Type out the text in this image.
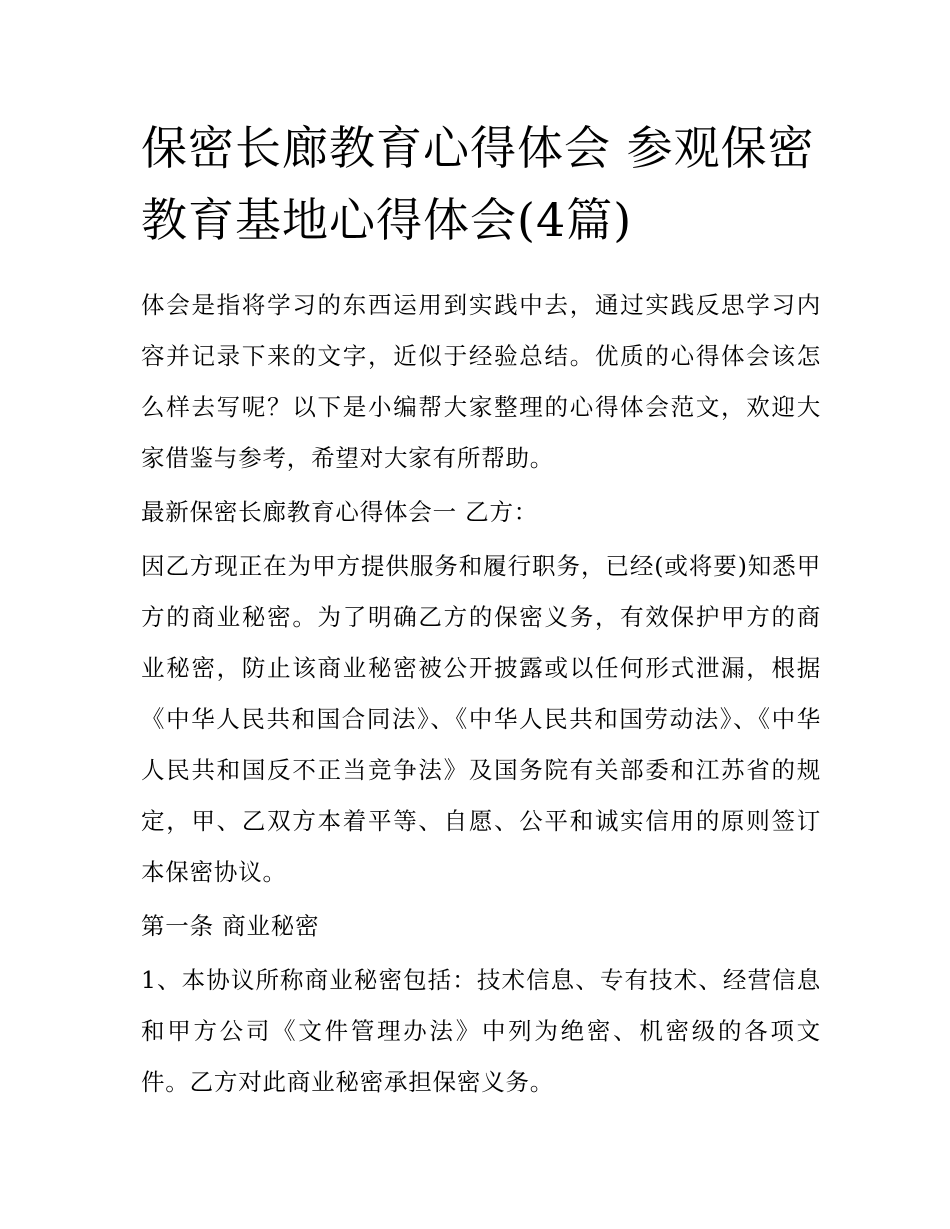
保密长廊教育心得体会 参观保密教育基地心得体会(4篇)

体会是指将学习的东西运用到实践中去，通过实践反思学习内容并记录下来的文字，近似于经验总结。优质的心得体会该怎么样去写呢？以下是小编帮大家整理的心得体会范文，欢迎大家借鉴与参考，希望对大家有所帮助。

最新保密长廊教育心得体会一 乙方：

因乙方现正在为甲方提供服务和履行职务，已经(或将要)知悉甲方的商业秘密。为了明确乙方的保密义务，有效保护甲方的商业秘密，防止该商业秘密被公开披露或以任何形式泄漏，根据《中华人民共和国合同法》、《中华人民共和国劳动法》、《中华人民共和国反不正当竞争法》及国务院有关部委和江苏省的规定，甲、乙双方本着平等、自愿、公平和诚实信用的原则签订本保密协议。

第一条 商业秘密

1、本协议所称商业秘密包括：技术信息、专有技术、经营信息和甲方公司《文件管理办法》中列为绝密、机密级的各项文件。乙方对此商业秘密承担保密义务。
